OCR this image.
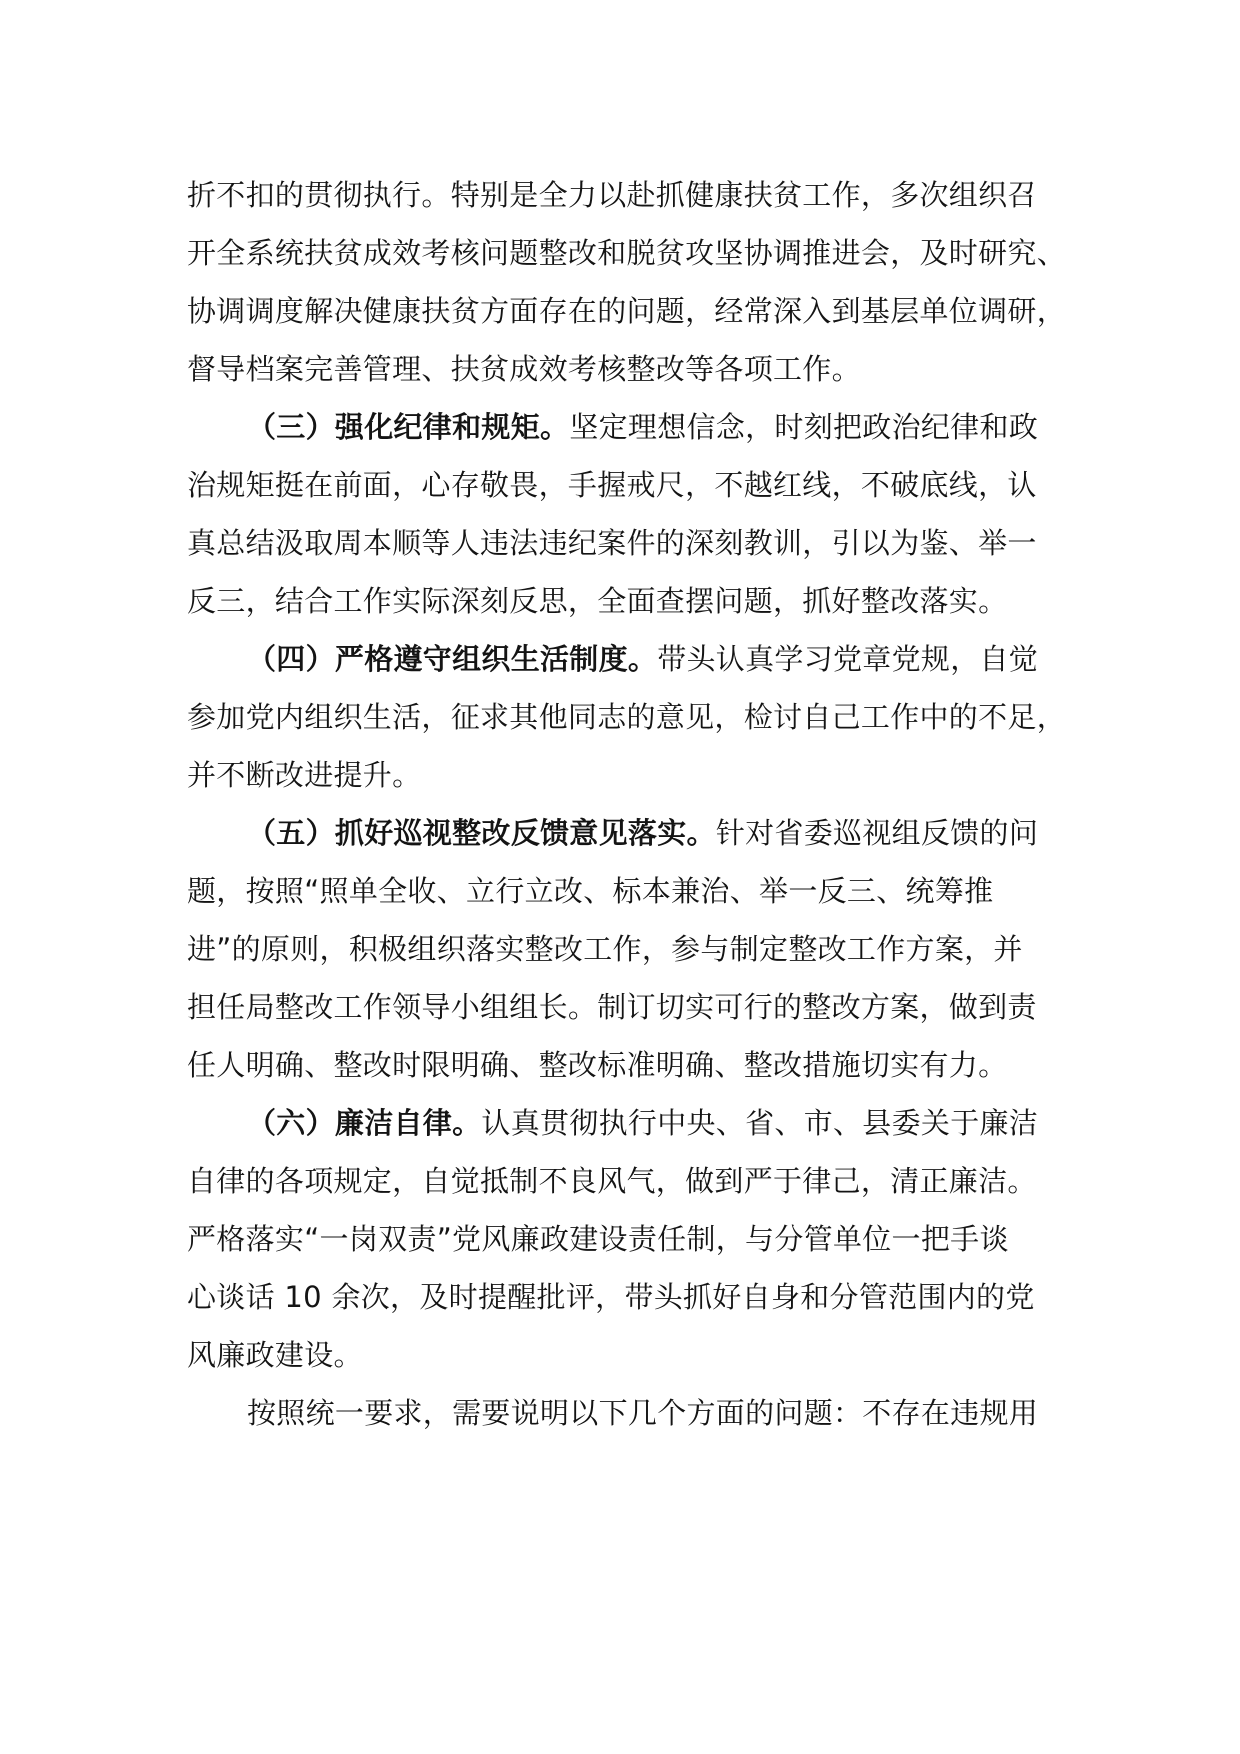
折不扣的贯彻执行。特别是全力以赴抓健康扶贫工作，多次组织召
开全系统扶贫成效考核问题整改和脱贫攻坚协调推进会，及时研究、
协调调度解决健康扶贫方面存在的问题，经常深入到基层单位调研，
督导档案完善管理、扶贫成效考核整改等各项工作。
（三）强化纪律和规矩。坚定理想信念，时刻把政治纪律和政
治规矩挺在前面，心存敬畏，手握戒尺，不越红线，不破底线，认
真总结汲取周本顺等人违法违纪案件的深刻教训，引以为鉴、举一
反三，结合工作实际深刻反思，全面查摆问题，抓好整改落实。
（四）严格遵守组织生活制度。带头认真学习党章党规，自觉
参加党内组织生活，征求其他同志的意见，检讨自己工作中的不足，
并不断改进提升。
（五）抓好巡视整改反馈意见落实。针对省委巡视组反馈的问
题，按照“照单全收、立行立改、标本兼治、举一反三、统筹推
进”的原则，积极组织落实整改工作，参与制定整改工作方案，并
担任局整改工作领导小组组长。制订切实可行的整改方案，做到责
任人明确、整改时限明确、整改标准明确、整改措施切实有力。
（六）廉洁自律。认真贯彻执行中央、省、市、县委关于廉洁
自律的各项规定，自觉抵制不良风气，做到严于律己，清正廉洁。
严格落实“一岗双责”党风廉政建设责任制，与分管单位一把手谈
心谈话 10 余次，及时提醒批评，带头抓好自身和分管范围内的党
风廉政建设。
按照统一要求，需要说明以下几个方面的问题：不存在违规用
